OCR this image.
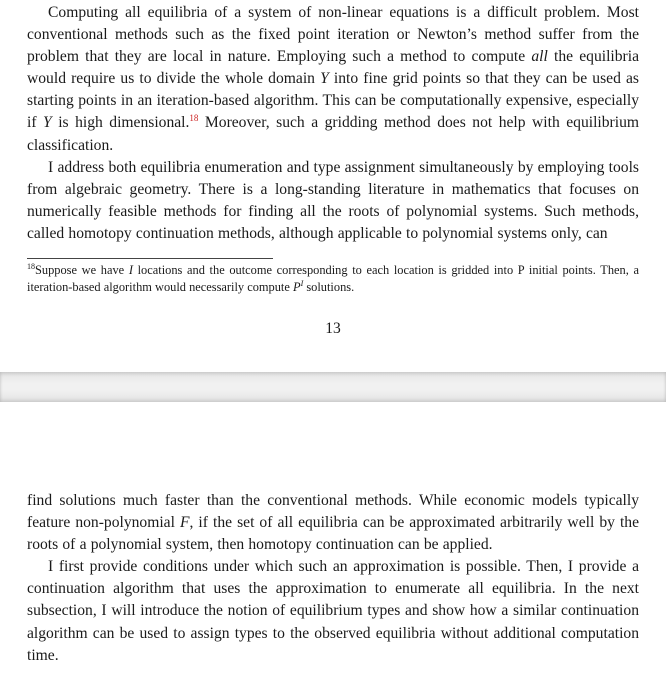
Computing all equilibria of a system of non-linear equations is a difficult problem. Most conventional methods such as the fixed point iteration or Newton’s method suffer from the problem that they are local in nature. Employing such a method to compute all the equilibria would require us to divide the whole domain Y into fine grid points so that they can be used as starting points in an iteration-based algorithm. This can be computationally expensive, especially if Y is high dimensional.$^{18}$ Moreover, such a gridding method does not help with equilibrium classification.

I address both equilibria enumeration and type assignment simultaneously by employing tools from algebraic geometry. There is a long-standing literature in mathematics that focuses on numerically feasible methods for finding all the roots of polynomial systems. Such methods, called homotopy continuation methods, although applicable to polynomial systems only, can

$^{18}$Suppose we have I locations and the outcome corresponding to each location is gridded into P initial points. Then, a iteration-based algorithm would necessarily compute $P^I$ solutions.
13

find solutions much faster than the conventional methods. While economic models typically feature non-polynomial F, if the set of all equilibria can be approximated arbitrarily well by the roots of a polynomial system, then homotopy continuation can be applied.

I first provide conditions under which such an approximation is possible. Then, I provide a continuation algorithm that uses the approximation to enumerate all equilibria. In the next subsection, I will introduce the notion of equilibrium types and show how a similar continuation algorithm can be used to assign types to the observed equilibria without additional computation time.
